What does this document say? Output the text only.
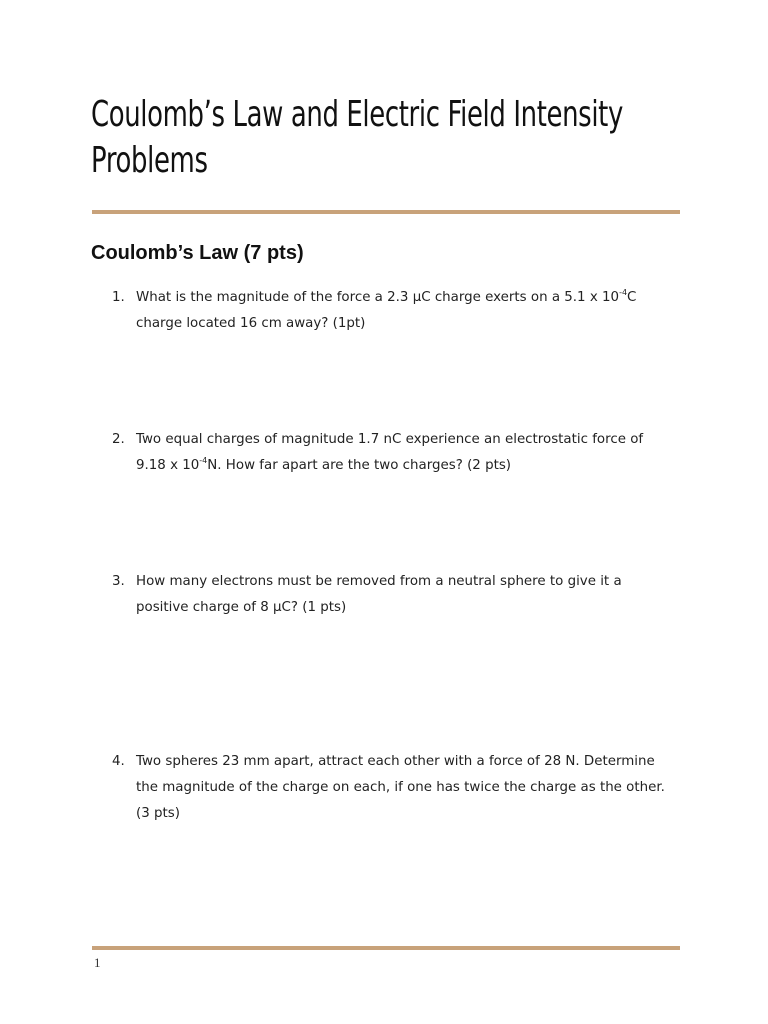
Coulomb’s Law and Electric Field Intensity Problems
Coulomb’s Law (7 pts)
1. What is the magnitude of the force a 2.3 μC charge exerts on a 5.1 x $10^{-4}C$ charge located 16 cm away? (1pt)
2. Two equal charges of magnitude 1.7 nC experience an electrostatic force of 9.18 x $10^{-4}N$. How far apart are the two charges? (2 pts)
3. How many electrons must be removed from a neutral sphere to give it a positive charge of 8 μC? (1 pts)
4. Two spheres 23 mm apart, attract each other with a force of 28 N. Determine the magnitude of the charge on each, if one has twice the charge as the other. (3 pts)
1
